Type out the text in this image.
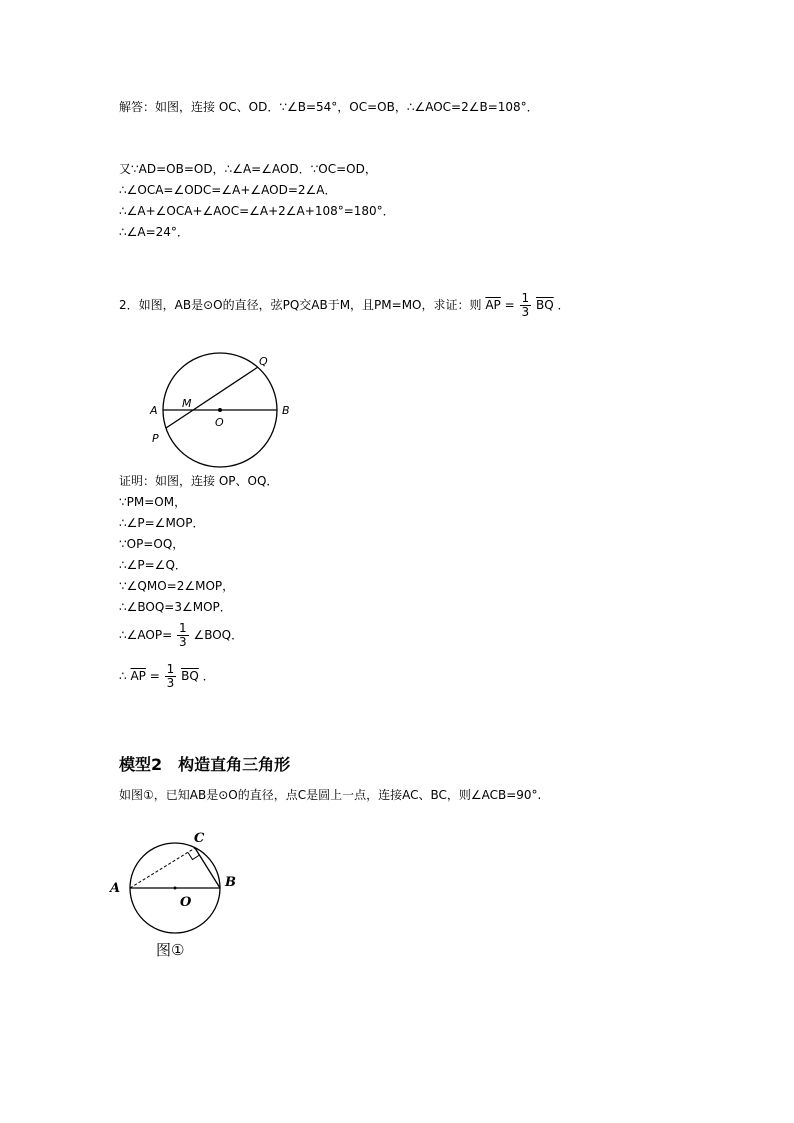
解答：如图，连接 OC、OD．∵∠B=54°，OC=OB，∴∠AOC=2∠B=108°．
又∵AD=OB=OD，∴∠A=∠AOD．∵OC=OD，
∴∠OCA=∠ODC=∠A+∠AOD=2∠A．
∴∠A+∠OCA+∠AOC=∠A+2∠A+108°=180°．
∴∠A=24°．
2．如图，AB是⊙O的直径，弦PQ交AB于M，且PM=MO，求证：则 $\overline{AP} = \frac{1}{3} \overline{BQ}$ ．
Q
A
M
O
B
P
证明：如图，连接 OP、OQ．
∵PM=OM，
∴∠P=∠MOP．
∵OP=OQ，
∴∠P=∠Q．
∵∠QMO=2∠MOP，
∴∠BOQ=3∠MOP．
∴∠AOP= $\frac{1}{3}$ ∠BOQ．
∴ $\overline{AP} = \frac{1}{3} \overline{BQ}$ ．
模型2　构造直角三角形
如图①，已知AB是⊙O的直径，点C是圆上一点，连接AC、BC，则∠ACB=90°.
C
A	B
O
图①
